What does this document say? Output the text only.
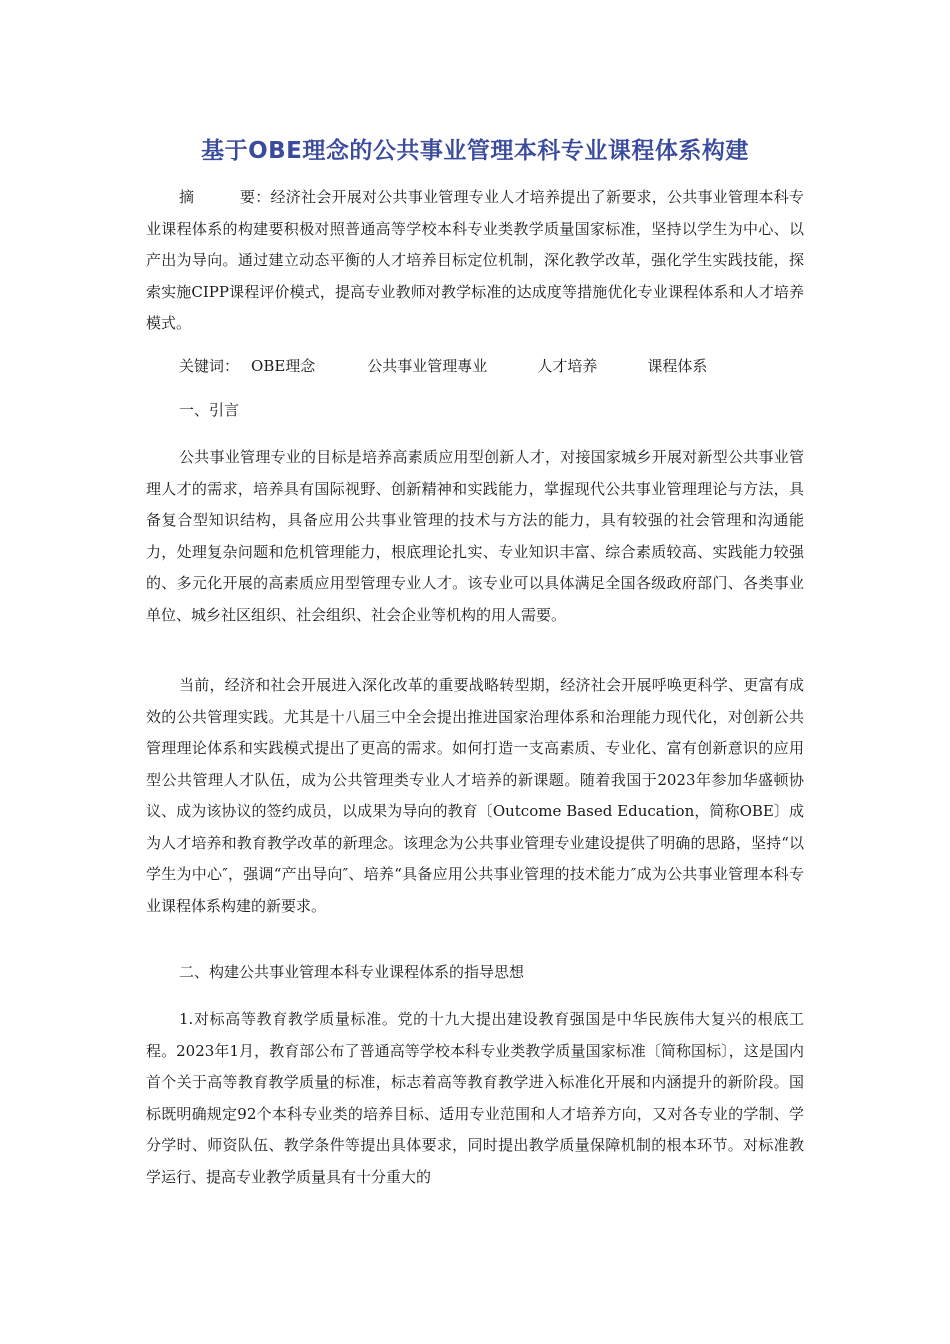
基于OBE理念的公共事业管理本科专业课程体系构建
摘　　　要：经济社会开展对公共事业管理专业人才培养提出了新要求，公共事业管理本科专业课程体系的构建要积极对照普通高等学校本科专业类教学质量国家标准，坚持以学生为中心、以产出为导向。通过建立动态平衡的人才培养目标定位机制，深化教学改革，强化学生实践技能，探索实施CIPP课程评价模式，提高专业教师对教学标准的达成度等措施优化专业课程体系和人才培养模式。
关键词： OBE理念	公共事业管理專业	人才培养	课程体系
一、引言
公共事业管理专业的目标是培养高素质应用型创新人才，对接国家城乡开展对新型公共事业管理人才的需求，培养具有国际视野、创新精神和实践能力，掌握现代公共事业管理理论与方法，具备复合型知识结构，具备应用公共事业管理的技术与方法的能力，具有较强的社会管理和沟通能力，处理复杂问题和危机管理能力，根底理论扎实、专业知识丰富、综合素质较高、实践能力较强的、多元化开展的高素质应用型管理专业人才。该专业可以具体满足全国各级政府部门、各类事业单位、城乡社区组织、社会组织、社会企业等机构的用人需要。
当前，经济和社会开展进入深化改革的重要战略转型期，经济社会开展呼唤更科学、更富有成效的公共管理实践。尤其是十八届三中全会提出推进国家治理体系和治理能力现代化，对创新公共管理理论体系和实践模式提出了更高的需求。如何打造一支高素质、专业化、富有创新意识的应用型公共管理人才队伍，成为公共管理类专业人才培养的新课题。随着我国于2023年参加华盛顿协议、成为该协议的签约成员，以成果为导向的教育〔Outcome Based Education，简称OBE〕成为人才培养和教育教学改革的新理念。该理念为公共事业管理专业建设提供了明确的思路，坚持“以学生为中心″，强调“产出导向″、培养“具备应用公共事业管理的技术能力″成为公共事业管理本科专业课程体系构建的新要求。
二、构建公共事业管理本科专业课程体系的指导思想
1.对标高等教育教学质量标准。党的十九大提出建设教育强国是中华民族伟大复兴的根底工程。2023年1月，教育部公布了普通高等学校本科专业类教学质量国家标准〔简称国标〕，这是国内首个关于高等教育教学质量的标准，标志着高等教育教学进入标准化开展和内涵提升的新阶段。国标既明确规定92个本科专业类的培养目标、适用专业范围和人才培养方向，又对各专业的学制、学分学时、师资队伍、教学条件等提出具体要求，同时提出教学质量保障机制的根本环节。对标准教学运行、提高专业教学质量具有十分重大的
